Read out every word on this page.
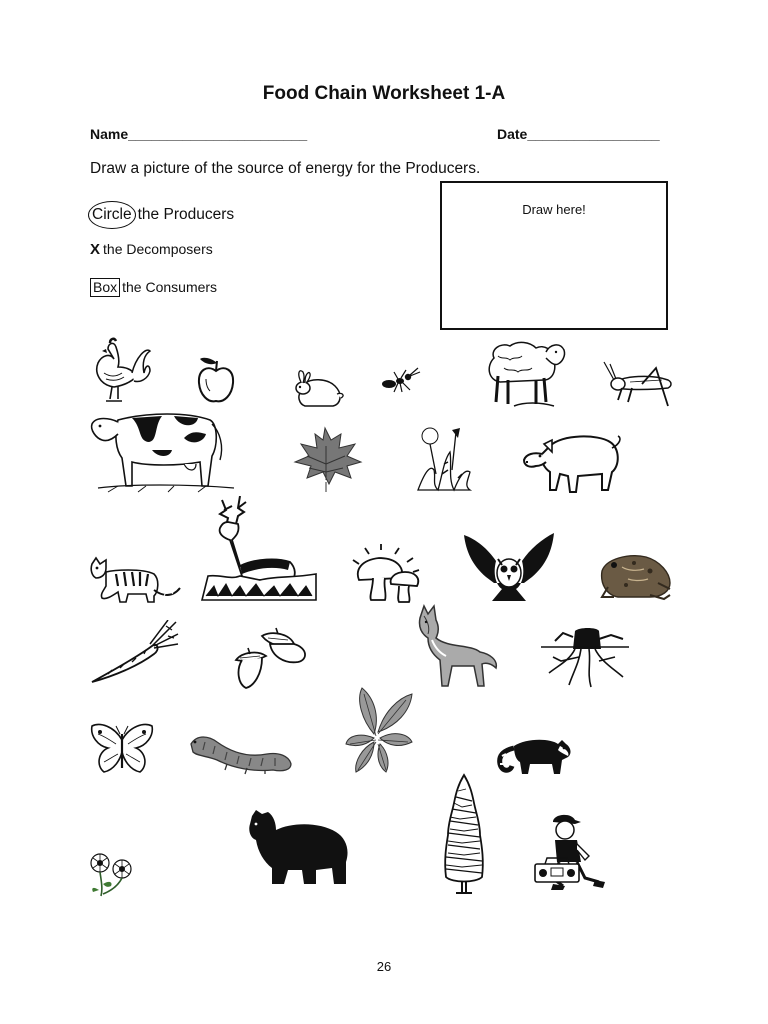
Food Chain Worksheet 1-A
Name_______________________	Date_________________
Draw a picture of the source of energy for the Producers.
Circle the Producers
X the Decomposers
Box the Consumers
Draw here!
26
